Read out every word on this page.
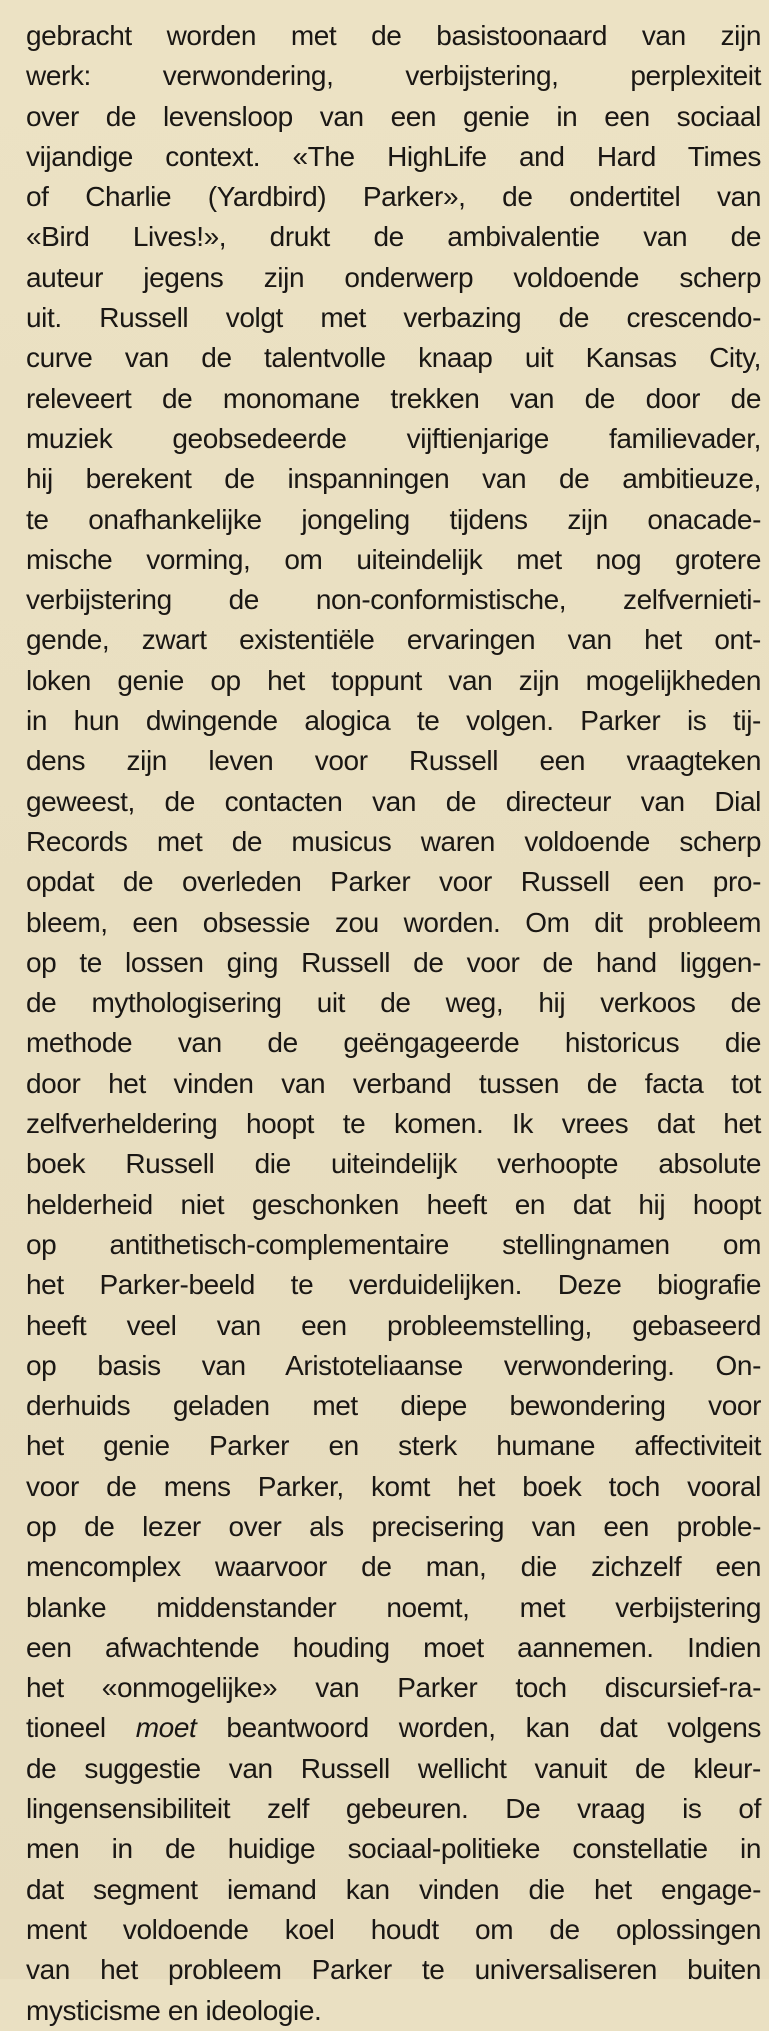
gebracht worden met de basistoonaard van zijn
werk: verwondering, verbijstering, perplexiteit
over de levensloop van een genie in een sociaal
vijandige context. «The HighLife and Hard Times
of Charlie (Yardbird) Parker», de ondertitel van
«Bird Lives!», drukt de ambivalentie van de
auteur jegens zijn onderwerp voldoende scherp
uit. Russell volgt met verbazing de crescendo-
curve van de talentvolle knaap uit Kansas City,
releveert de monomane trekken van de door de
muziek geobsedeerde vijftienjarige familievader,
hij berekent de inspanningen van de ambitieuze,
te onafhankelijke jongeling tijdens zijn onacade-
mische vorming, om uiteindelijk met nog grotere
verbijstering de non-conformistische, zelfvernieti-
gende, zwart existentiële ervaringen van het ont-
loken genie op het toppunt van zijn mogelijkheden
in hun dwingende alogica te volgen. Parker is tij-
dens zijn leven voor Russell een vraagteken
geweest, de contacten van de directeur van Dial
Records met de musicus waren voldoende scherp
opdat de overleden Parker voor Russell een pro-
bleem, een obsessie zou worden. Om dit probleem
op te lossen ging Russell de voor de hand liggen-
de mythologisering uit de weg, hij verkoos de
methode van de geëngageerde historicus die
door het vinden van verband tussen de facta tot
zelfverheldering hoopt te komen. Ik vrees dat het
boek Russell die uiteindelijk verhoopte absolute
helderheid niet geschonken heeft en dat hij hoopt
op antithetisch-complementaire stellingnamen om
het Parker-beeld te verduidelijken. Deze biografie
heeft veel van een probleemstelling, gebaseerd
op basis van Aristoteliaanse verwondering. On-
derhuids geladen met diepe bewondering voor
het genie Parker en sterk humane affectiviteit
voor de mens Parker, komt het boek toch vooral
op de lezer over als precisering van een proble-
mencomplex waarvoor de man, die zichzelf een
blanke middenstander noemt, met verbijstering
een afwachtende houding moet aannemen. Indien
het «onmogelijke» van Parker toch discursief-ra-
tioneel moet beantwoord worden, kan dat volgens
de suggestie van Russell wellicht vanuit de kleur-
lingensensibiliteit zelf gebeuren. De vraag is of
men in de huidige sociaal-politieke constellatie in
dat segment iemand kan vinden die het engage-
ment voldoende koel houdt om de oplossingen
van het probleem Parker te universaliseren buiten
mysticisme en ideologie.
